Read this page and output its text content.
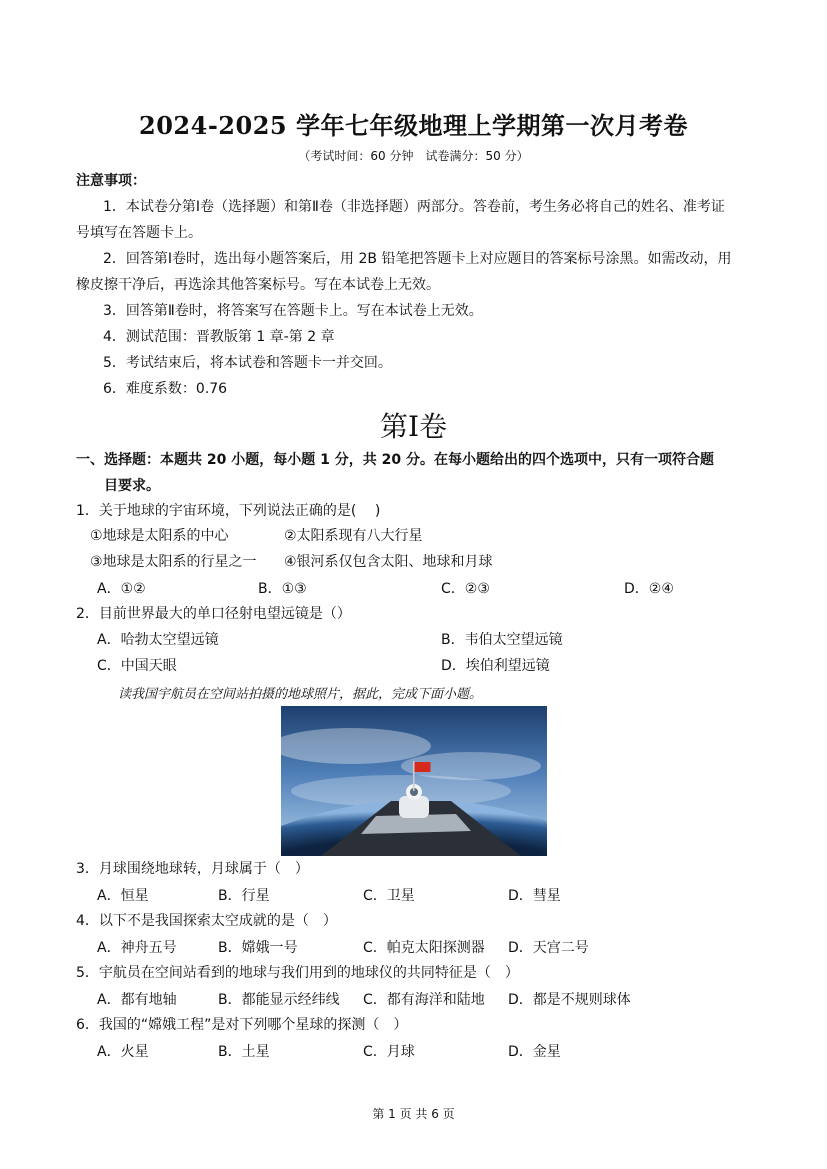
2024-2025 学年七年级地理上学期第一次月考卷
（考试时间：60 分钟　试卷满分：50 分）
注意事项：
1．本试卷分第Ⅰ卷（选择题）和第Ⅱ卷（非选择题）两部分。答卷前，考生务必将自己的姓名、准考证
号填写在答题卡上。
2．回答第Ⅰ卷时，选出每小题答案后，用 2B 铅笔把答题卡上对应题目的答案标号涂黑。如需改动，用
橡皮擦干净后，再选涂其他答案标号。写在本试卷上无效。
3．回答第Ⅱ卷时，将答案写在答题卡上。写在本试卷上无效。
4．测试范围：晋教版第 1 章-第 2 章
5．考试结束后，将本试卷和答题卡一并交回。
6．难度系数：0.76
第Ⅰ卷
一、选择题：本题共 20 小题，每小题 1 分，共 20 分。在每小题给出的四个选项中，只有一项符合题
目要求。
1．关于地球的宇宙环境，下列说法正确的是(　 )
①地球是太阳系的中心	②太阳系现有八大行星
③地球是太阳系的行星之一 ④银河系仅包含太阳、地球和月球
A．①②	B．①③	C．②③	D．②④
2．目前世界最大的单口径射电望远镜是（）
A．哈勃太空望远镜	B．韦伯太空望远镜
C．中国天眼	D．埃伯利望远镜
读我国宇航员在空间站拍摄的地球照片，据此，完成下面小题。
3．月球围绕地球转，月球属于（　）
A．恒星	B．行星	C．卫星	D．彗星
4．以下不是我国探索太空成就的是（　）
A．神舟五号	B．嫦娥一号	C．帕克太阳探测器 D．天宫二号
5．宇航员在空间站看到的地球与我们用到的地球仪的共同特征是（　）
A．都有地轴	B．都能显示经纬线 C．都有海洋和陆地 D．都是不规则球体
6．我国的“嫦娥工程”是对下列哪个星球的探测（　）
A．火星	B．土星	C．月球	D．金星
第 1 页 共 6 页
